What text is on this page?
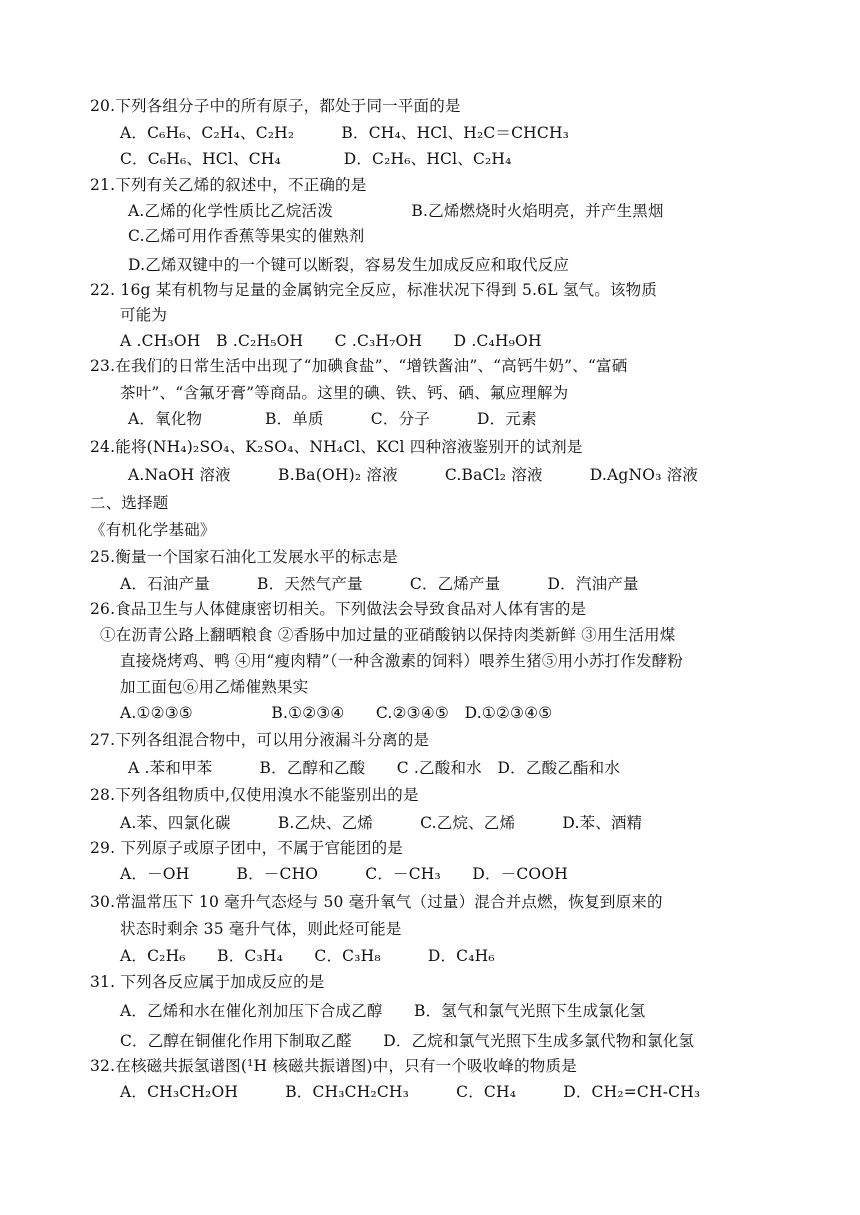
20.下列各组分子中的所有原子，都处于同一平面的是
A．C₆H₆、C₂H₄、C₂H₂　　　B．CH₄、HCl、H₂C＝CHCH₃
C．C₆H₆、HCl、CH₄　　　　D．C₂H₆、HCl、C₂H₄
21.下列有关乙烯的叙述中，不正确的是
A.乙烯的化学性质比乙烷活泼　　　　　B.乙烯燃烧时火焰明亮，并产生黑烟
C.乙烯可用作香蕉等果实的催熟剂
D.乙烯双键中的一个键可以断裂，容易发生加成反应和取代反应
22. 16g 某有机物与足量的金属钠完全反应，标准状况下得到 5.6L 氢气。该物质
可能为
A .CH₃OH　B .C₂H₅OH　　C .C₃H₇OH　　D .C₄H₉OH
23.在我们的日常生活中出现了“加碘食盐”、“增铁酱油”、“高钙牛奶”、“富硒
茶叶”、“含氟牙膏”等商品。这里的碘、铁、钙、硒、氟应理解为
A．氧化物　　　　B．单质　　　C．分子　　　D．元素
24.能将(NH₄)₂SO₄、K₂SO₄、NH₄Cl、KCl 四种溶液鉴别开的试剂是
A.NaOH 溶液　　　B.Ba(OH)₂ 溶液　　　C.BaCl₂ 溶液　　　D.AgNO₃ 溶液
二、选择题
《有机化学基础》
25.衡量一个国家石油化工发展水平的标志是
A．石油产量　　　B．天然气产量　　　C．乙烯产量　　　D．汽油产量
26.食品卫生与人体健康密切相关。下列做法会导致食品对人体有害的是
①在沥青公路上翻晒粮食 ②香肠中加过量的亚硝酸钠以保持肉类新鲜 ③用生活用煤
直接烧烤鸡、鸭 ④用“瘦肉精”（一种含激素的饲料）喂养生猪⑤用小苏打作发酵粉
加工面包⑥用乙烯催熟果实
A.①②③⑤　　　　　B.①②③④　　C.②③④⑤　D.①②③④⑤
27.下列各组混合物中，可以用分液漏斗分离的是
A .苯和甲苯　　　B．乙醇和乙酸　　C .乙酸和水　D．乙酸乙酯和水
28.下列各组物质中,仅使用溴水不能鉴别出的是
A.苯、四氯化碳　　　B.乙炔、乙烯　　　C.乙烷、乙烯　　　D.苯、酒精
29. 下列原子或原子团中，不属于官能团的是
A．－OH　　　B．－CHO　　　C．－CH₃　　D．－COOH
30.常温常压下 10 毫升气态烃与 50 毫升氧气（过量）混合并点燃，恢复到原来的
状态时剩余 35 毫升气体，则此烃可能是
A．C₂H₆　　B．C₃H₄　　C．C₃H₈　　　D．C₄H₆
31. 下列各反应属于加成反应的是
A．乙烯和水在催化剂加压下合成乙醇　　B．氢气和氯气光照下生成氯化氢
C．乙醇在铜催化作用下制取乙醛　　D．乙烷和氯气光照下生成多氯代物和氯化氢
32.在核磁共振氢谱图(¹H 核磁共振谱图)中，只有一个吸收峰的物质是
A．CH₃CH₂OH　　　B．CH₃CH₂CH₃　　　C．CH₄　　　D．CH₂=CH-CH₃
